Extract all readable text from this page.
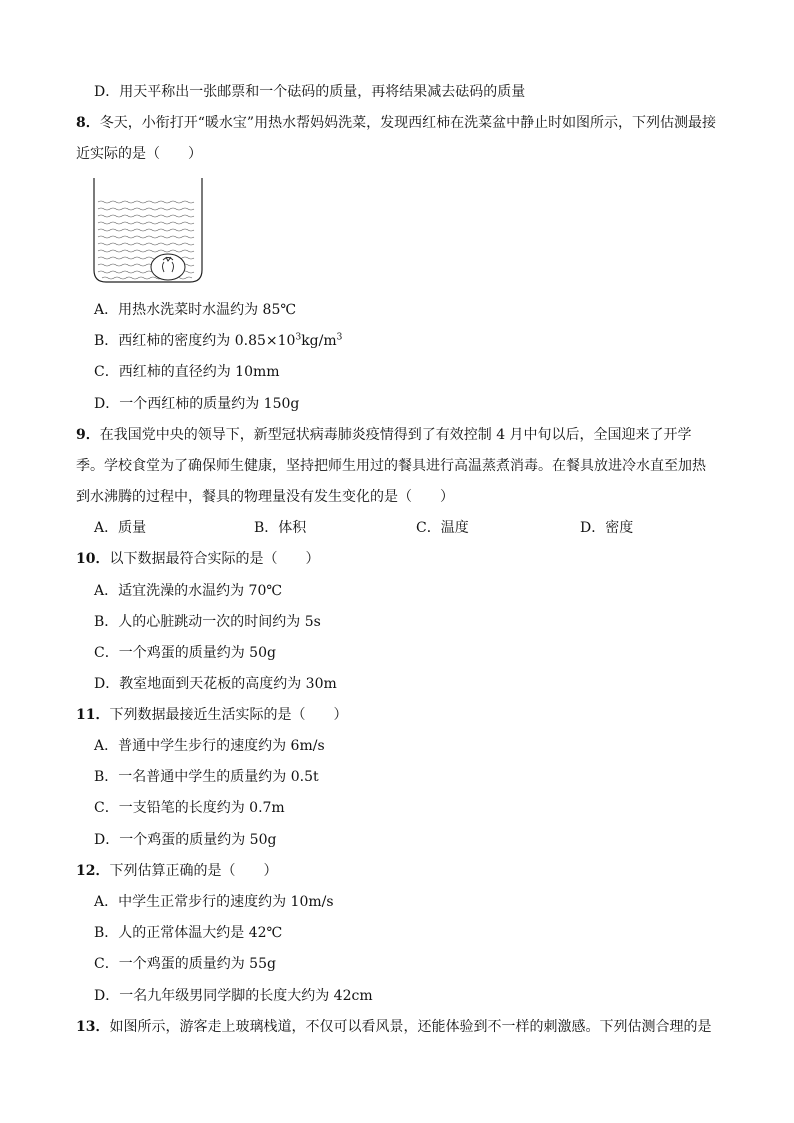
D．用天平称出一张邮票和一个砝码的质量，再将结果减去砝码的质量
8．冬天，小衔打开“暖水宝”用热水帮妈妈洗菜，发现西红柿在洗菜盆中静止时如图所示，下列估测最接
近实际的是（　　）
A．用热水洗菜时水温约为 85℃
B．西红柿的密度约为 $0.85\times 10^3kg/m^3$
C．西红柿的直径约为 10mm
D．一个西红柿的质量约为 150g
9．在我国党中央的领导下，新型冠状病毒肺炎疫情得到了有效控制 4 月中旬以后，全国迎来了开学
季。学校食堂为了确保师生健康，坚持把师生用过的餐具进行高温蒸煮消毒。在餐具放进冷水直至加热
到水沸腾的过程中，餐具的物理量没有发生变化的是（　　）
A．质量	B．体积	C．温度	D．密度
10．以下数据最符合实际的是（　　）
A．适宜洗澡的水温约为 70℃
B．人的心脏跳动一次的时间约为 5s
C．一个鸡蛋的质量约为 50g
D．教室地面到天花板的高度约为 30m
11．下列数据最接近生活实际的是（　　）
A．普通中学生步行的速度约为 6m/s
B．一名普通中学生的质量约为 0.5t
C．一支铅笔的长度约为 0.7m
D．一个鸡蛋的质量约为 50g
12．下列估算正确的是（　　）
A．中学生正常步行的速度约为 10m/s
B．人的正常体温大约是 42℃
C．一个鸡蛋的质量约为 55g
D．一名九年级男同学脚的长度大约为 42cm
13．如图所示，游客走上玻璃栈道，不仅可以看风景，还能体验到不一样的刺激感。下列估测合理的是
